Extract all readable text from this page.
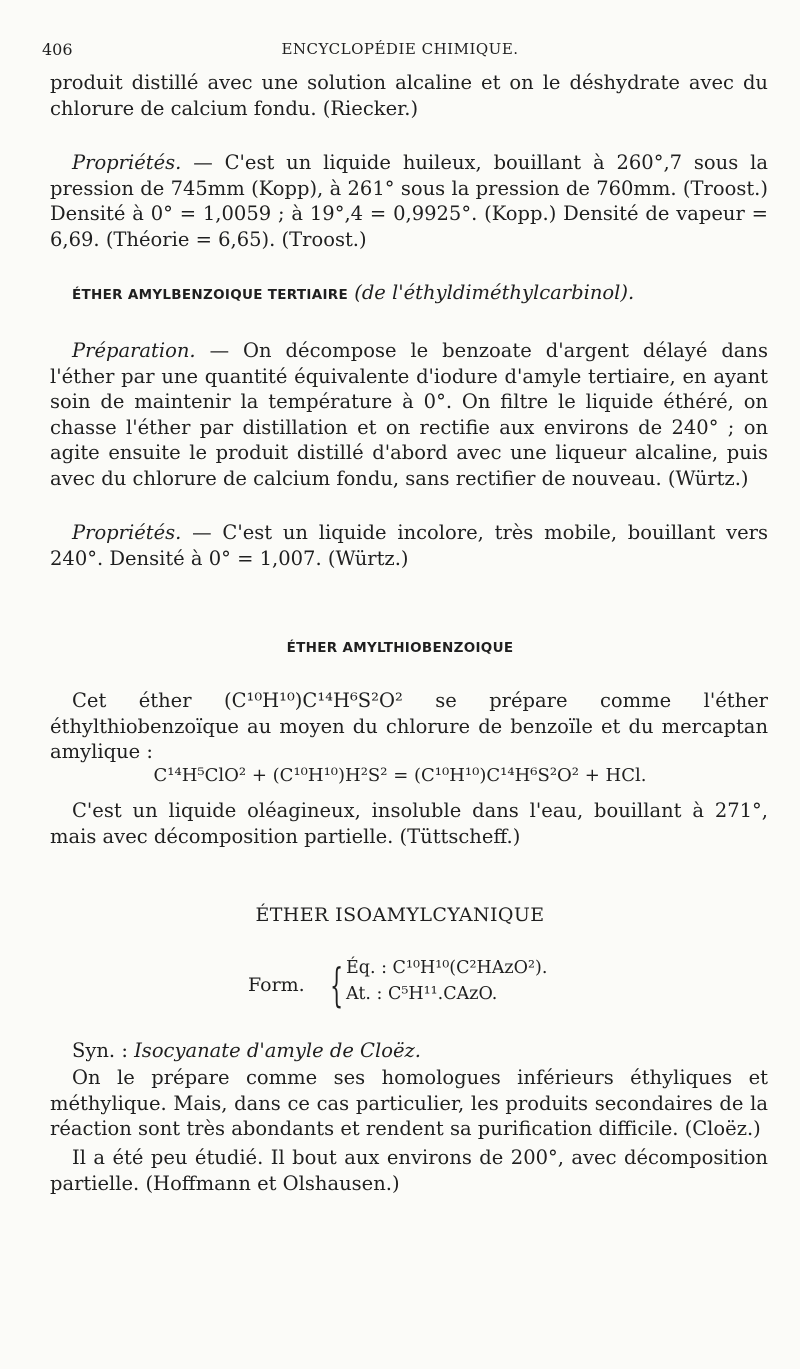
406	ENCYCLOPÉDIE CHIMIQUE.

produit distillé avec une solution alcaline et on le déshydrate avec du chlorure de calcium fondu. (Riecker.)

Propriétés. — C'est un liquide huileux, bouillant à 260°,7 sous la pression de 745mm (Kopp), à 261° sous la pression de 760mm. (Troost.) Densité à 0° = 1,0059 ; à 19°,4 = 0,9925°. (Kopp.) Densité de vapeur = 6,69. (Théorie = 6,65). (Troost.)

ÉTHER AMYLBENZOIQUE TERTIAIRE (de l'éthyldiméthylcarbinol).

Préparation. — On décompose le benzoate d'argent délayé dans l'éther par une quantité équivalente d'iodure d'amyle tertiaire, en ayant soin de maintenir la température à 0°. On filtre le liquide éthéré, on chasse l'éther par distillation et on rectifie aux environs de 240° ; on agite ensuite le produit distillé d'abord avec une liqueur alcaline, puis avec du chlorure de calcium fondu, sans rectifier de nouveau. (Würtz.)

Propriétés. — C'est un liquide incolore, très mobile, bouillant vers 240°. Densité à 0° = 1,007. (Würtz.)

ÉTHER AMYLTHIOBENZOIQUE

Cet éther (C¹⁰H¹⁰)C¹⁴H⁶S²O² se prépare comme l'éther éthylthiobenzoïque au moyen du chlorure de benzoïle et du mercaptan amylique :

C¹⁴H⁵ClO² + (C¹⁰H¹⁰)H²S² = (C¹⁰H¹⁰)C¹⁴H⁶S²O² + HCl.

C'est un liquide oléagineux, insoluble dans l'eau, bouillant à 271°, mais avec décomposition partielle. (Tüttscheff.)

ÉTHER ISOAMYLCYANIQUE
Form. { Éq. : C¹⁰H¹⁰(C²HAzO²).
At. : C⁵H¹¹.CAzO.

Syn. : Isocyanate d'amyle de Cloëz.

On le prépare comme ses homologues inférieurs éthyliques et méthylique. Mais, dans ce cas particulier, les produits secondaires de la réaction sont très abondants et rendent sa purification difficile. (Cloëz.)

Il a été peu étudié. Il bout aux environs de 200°, avec décomposition partielle. (Hoffmann et Olshausen.)
